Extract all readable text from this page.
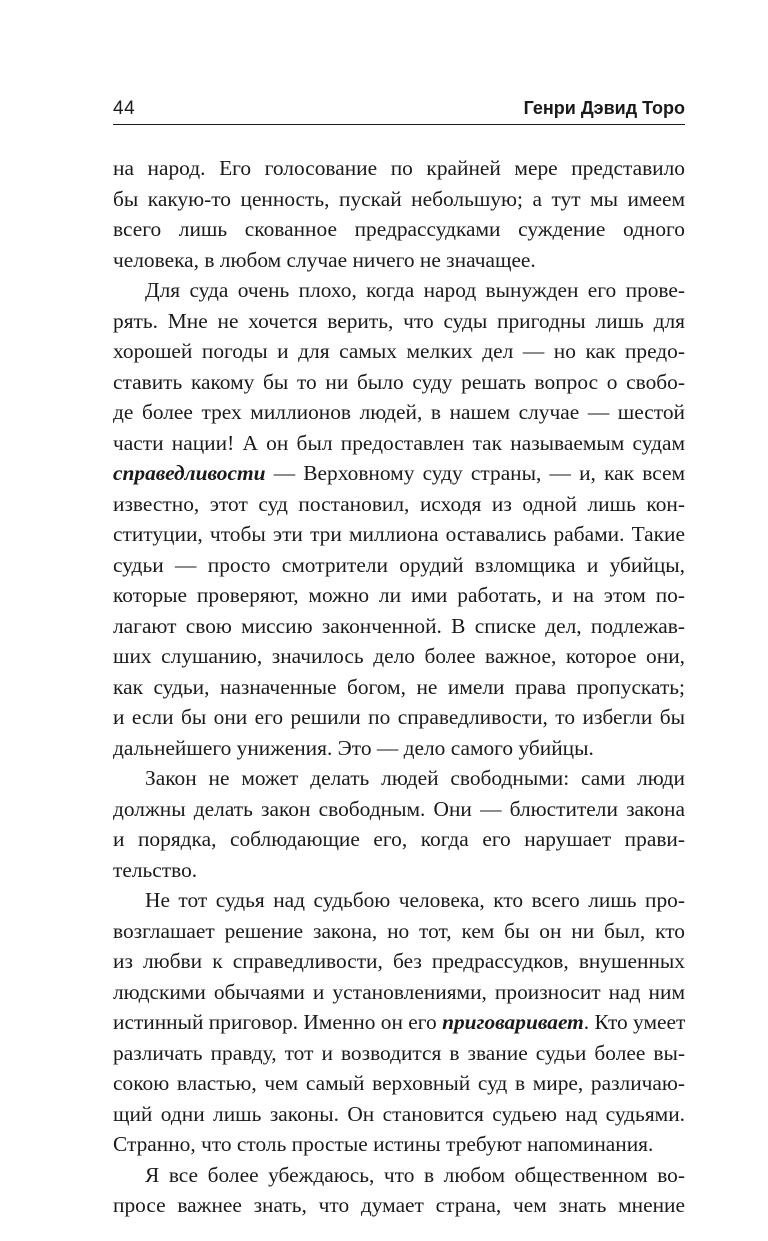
44	Генри Дэвид Торо
на народ. Его голосование по крайней мере представило
бы какую-то ценность, пускай небольшую; а тут мы имеем
всего лишь скованное предрассудками суждение одного
человека, в любом случае ничего не значащее.
Для суда очень плохо, когда народ вынужден его прове-
рять. Мне не хочется верить, что суды пригодны лишь для
хорошей погоды и для самых мелких дел — но как предо-
ставить какому бы то ни было суду решать вопрос о свобо-
де более трех миллионов людей, в нашем случае — шестой
части нации! А он был предоставлен так называемым судам
справедливости — Верховному суду страны, — и, как всем
известно, этот суд постановил, исходя из одной лишь кон-
ституции, чтобы эти три миллиона оставались рабами. Такие
судьи — просто смотрители орудий взломщика и убийцы,
которые проверяют, можно ли ими работать, и на этом по-
лагают свою миссию законченной. В списке дел, подлежав-
ших слушанию, значилось дело более важное, которое они,
как судьи, назначенные богом, не имели права пропускать;
и если бы они его решили по справедливости, то избегли бы
дальнейшего унижения. Это — дело самого убийцы.
Закон не может делать людей свободными: сами люди
должны делать закон свободным. Они — блюстители закона
и порядка, соблюдающие его, когда его нарушает прави-
тельство.
Не тот судья над судьбою человека, кто всего лишь про-
возглашает решение закона, но тот, кем бы он ни был, кто
из любви к справедливости, без предрассудков, внушенных
людскими обычаями и установлениями, произносит над ним
истинный приговор. Именно он его приговаривает. Кто умеет
различать правду, тот и возводится в звание судьи более вы-
сокою властью, чем самый верховный суд в мире, различаю-
щий одни лишь законы. Он становится судьею над судьями.
Странно, что столь простые истины требуют напоминания.
Я все более убеждаюсь, что в любом общественном во-
просе важнее знать, что думает страна, чем знать мнение
